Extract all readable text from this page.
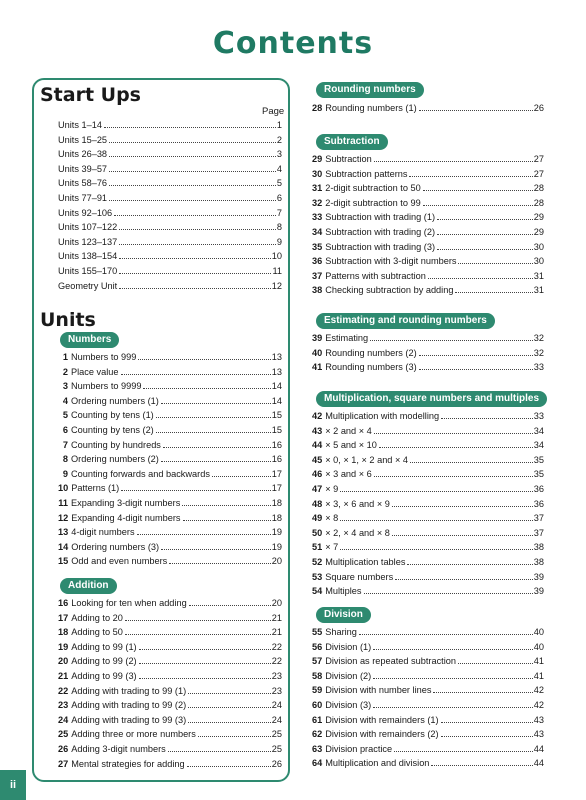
Contents
Start Ups
Page
Units 1–14	1
Units 15–25	2
Units 26–38	3
Units 39–57	4
Units 58–76	5
Units 77–91	6
Units 92–106	7
Units 107–122	8
Units 123–137	9
Units 138–154	10
Units 155–170	11
Geometry Unit	12
Units
Numbers
1 Numbers to 999	13
2 Place value	13
3 Numbers to 9999	14
4 Ordering numbers (1)	14
5 Counting by tens (1)	15
6 Counting by tens (2)	15
7 Counting by hundreds	16
8 Ordering numbers (2)	16
9 Counting forwards and backwards	17
10 Patterns (1)	17
11 Expanding 3-digit numbers	18
12 Expanding 4-digit numbers	18
13 4-digit numbers	19
14 Ordering numbers (3)	19
15 Odd and even numbers	20
Addition
16 Looking for ten when adding	20
17 Adding to 20	21
18 Adding to 50	21
19 Adding to 99 (1)	22
20 Adding to 99 (2)	22
21 Adding to 99 (3)	23
22 Adding with trading to 99 (1)	23
23 Adding with trading to 99 (2)	24
24 Adding with trading to 99 (3)	24
25 Adding three or more numbers	25
26 Adding 3-digit numbers	25
27 Mental strategies for adding	26
Rounding numbers
28 Rounding numbers (1)	26
Subtraction
29 Subtraction	27
30 Subtraction patterns	27
31 2-digit subtraction to 50	28
32 2-digit subtraction to 99	28
33 Subtraction with trading (1)	29
34 Subtraction with trading (2)	29
35 Subtraction with trading (3)	30
36 Subtraction with 3-digit numbers	30
37 Patterns with subtraction	31
38 Checking subtraction by adding	31
Estimating and rounding numbers
39 Estimating	32
40 Rounding numbers (2)	32
41 Rounding numbers (3)	33
Multiplication, square numbers and multiples
42 Multiplication with modelling	33
43 × 2 and × 4	34
44 × 5 and × 10	34
45 × 0, × 1, × 2 and × 4	35
46 × 3 and × 6	35
47 × 9	36
48 × 3, × 6 and × 9	36
49 × 8	37
50 × 2, × 4 and × 8	37
51 × 7	38
52 Multiplication tables	38
53 Square numbers	39
54 Multiples	39
Division
55 Sharing	40
56 Division (1)	40
57 Division as repeated subtraction	41
58 Division (2)	41
59 Division with number lines	42
60 Division (3)	42
61 Division with remainders (1)	43
62 Division with remainders (2)	43
63 Division practice	44
64 Multiplication and division	44
ii
